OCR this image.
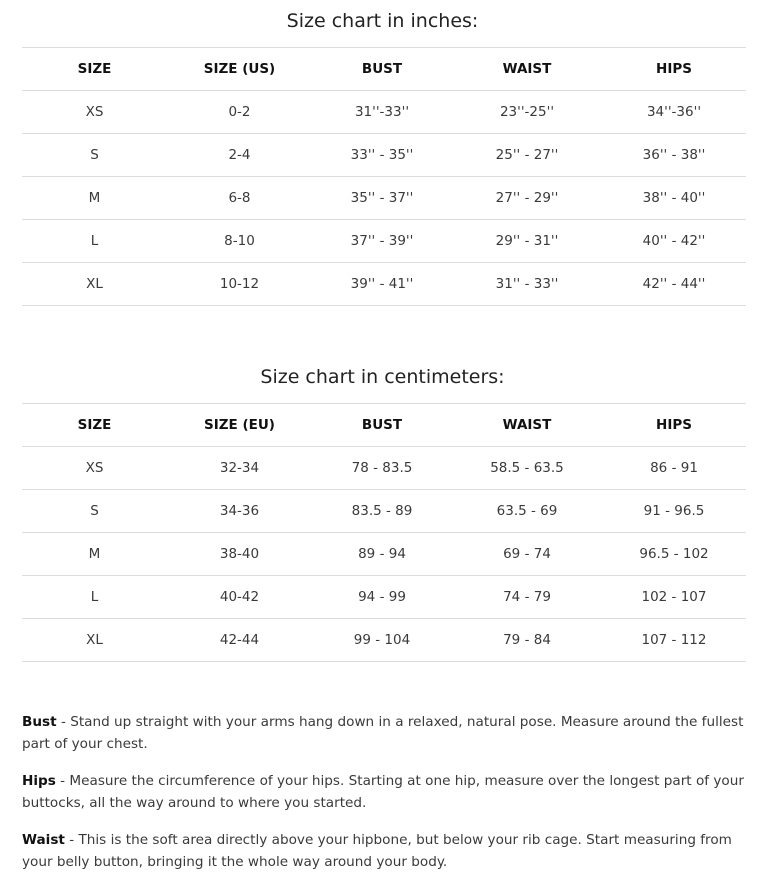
Size chart in inches:
SIZE	SIZE (US)	BUST	WAIST	HIPS
XS	0-2	31''-33''	23''-25''	34''-36''
S	2-4	33'' - 35''	25'' - 27''	36'' - 38''
M	6-8	35'' - 37''	27'' - 29''	38'' - 40''
L	8-10	37'' - 39''	29'' - 31''	40'' - 42''
XL	10-12	39'' - 41''	31'' - 33''	42'' - 44''
Size chart in centimeters:
SIZE	SIZE (EU)	BUST	WAIST	HIPS
XS	32-34	78 - 83.5	58.5 - 63.5	86 - 91
S	34-36	83.5 - 89	63.5 - 69	91 - 96.5
M	38-40	89 - 94	69 - 74	96.5 - 102
L	40-42	94 - 99	74 - 79	102 - 107
XL	42-44	99 - 104	79 - 84	107 - 112

Bust - Stand up straight with your arms hang down in a relaxed, natural pose. Measure around the fullest part of your chest.

Hips - Measure the circumference of your hips. Starting at one hip, measure over the longest part of your buttocks, all the way around to where you started.

Waist - This is the soft area directly above your hipbone, but below your rib cage. Start measuring from your belly button, bringing it the whole way around your body.
